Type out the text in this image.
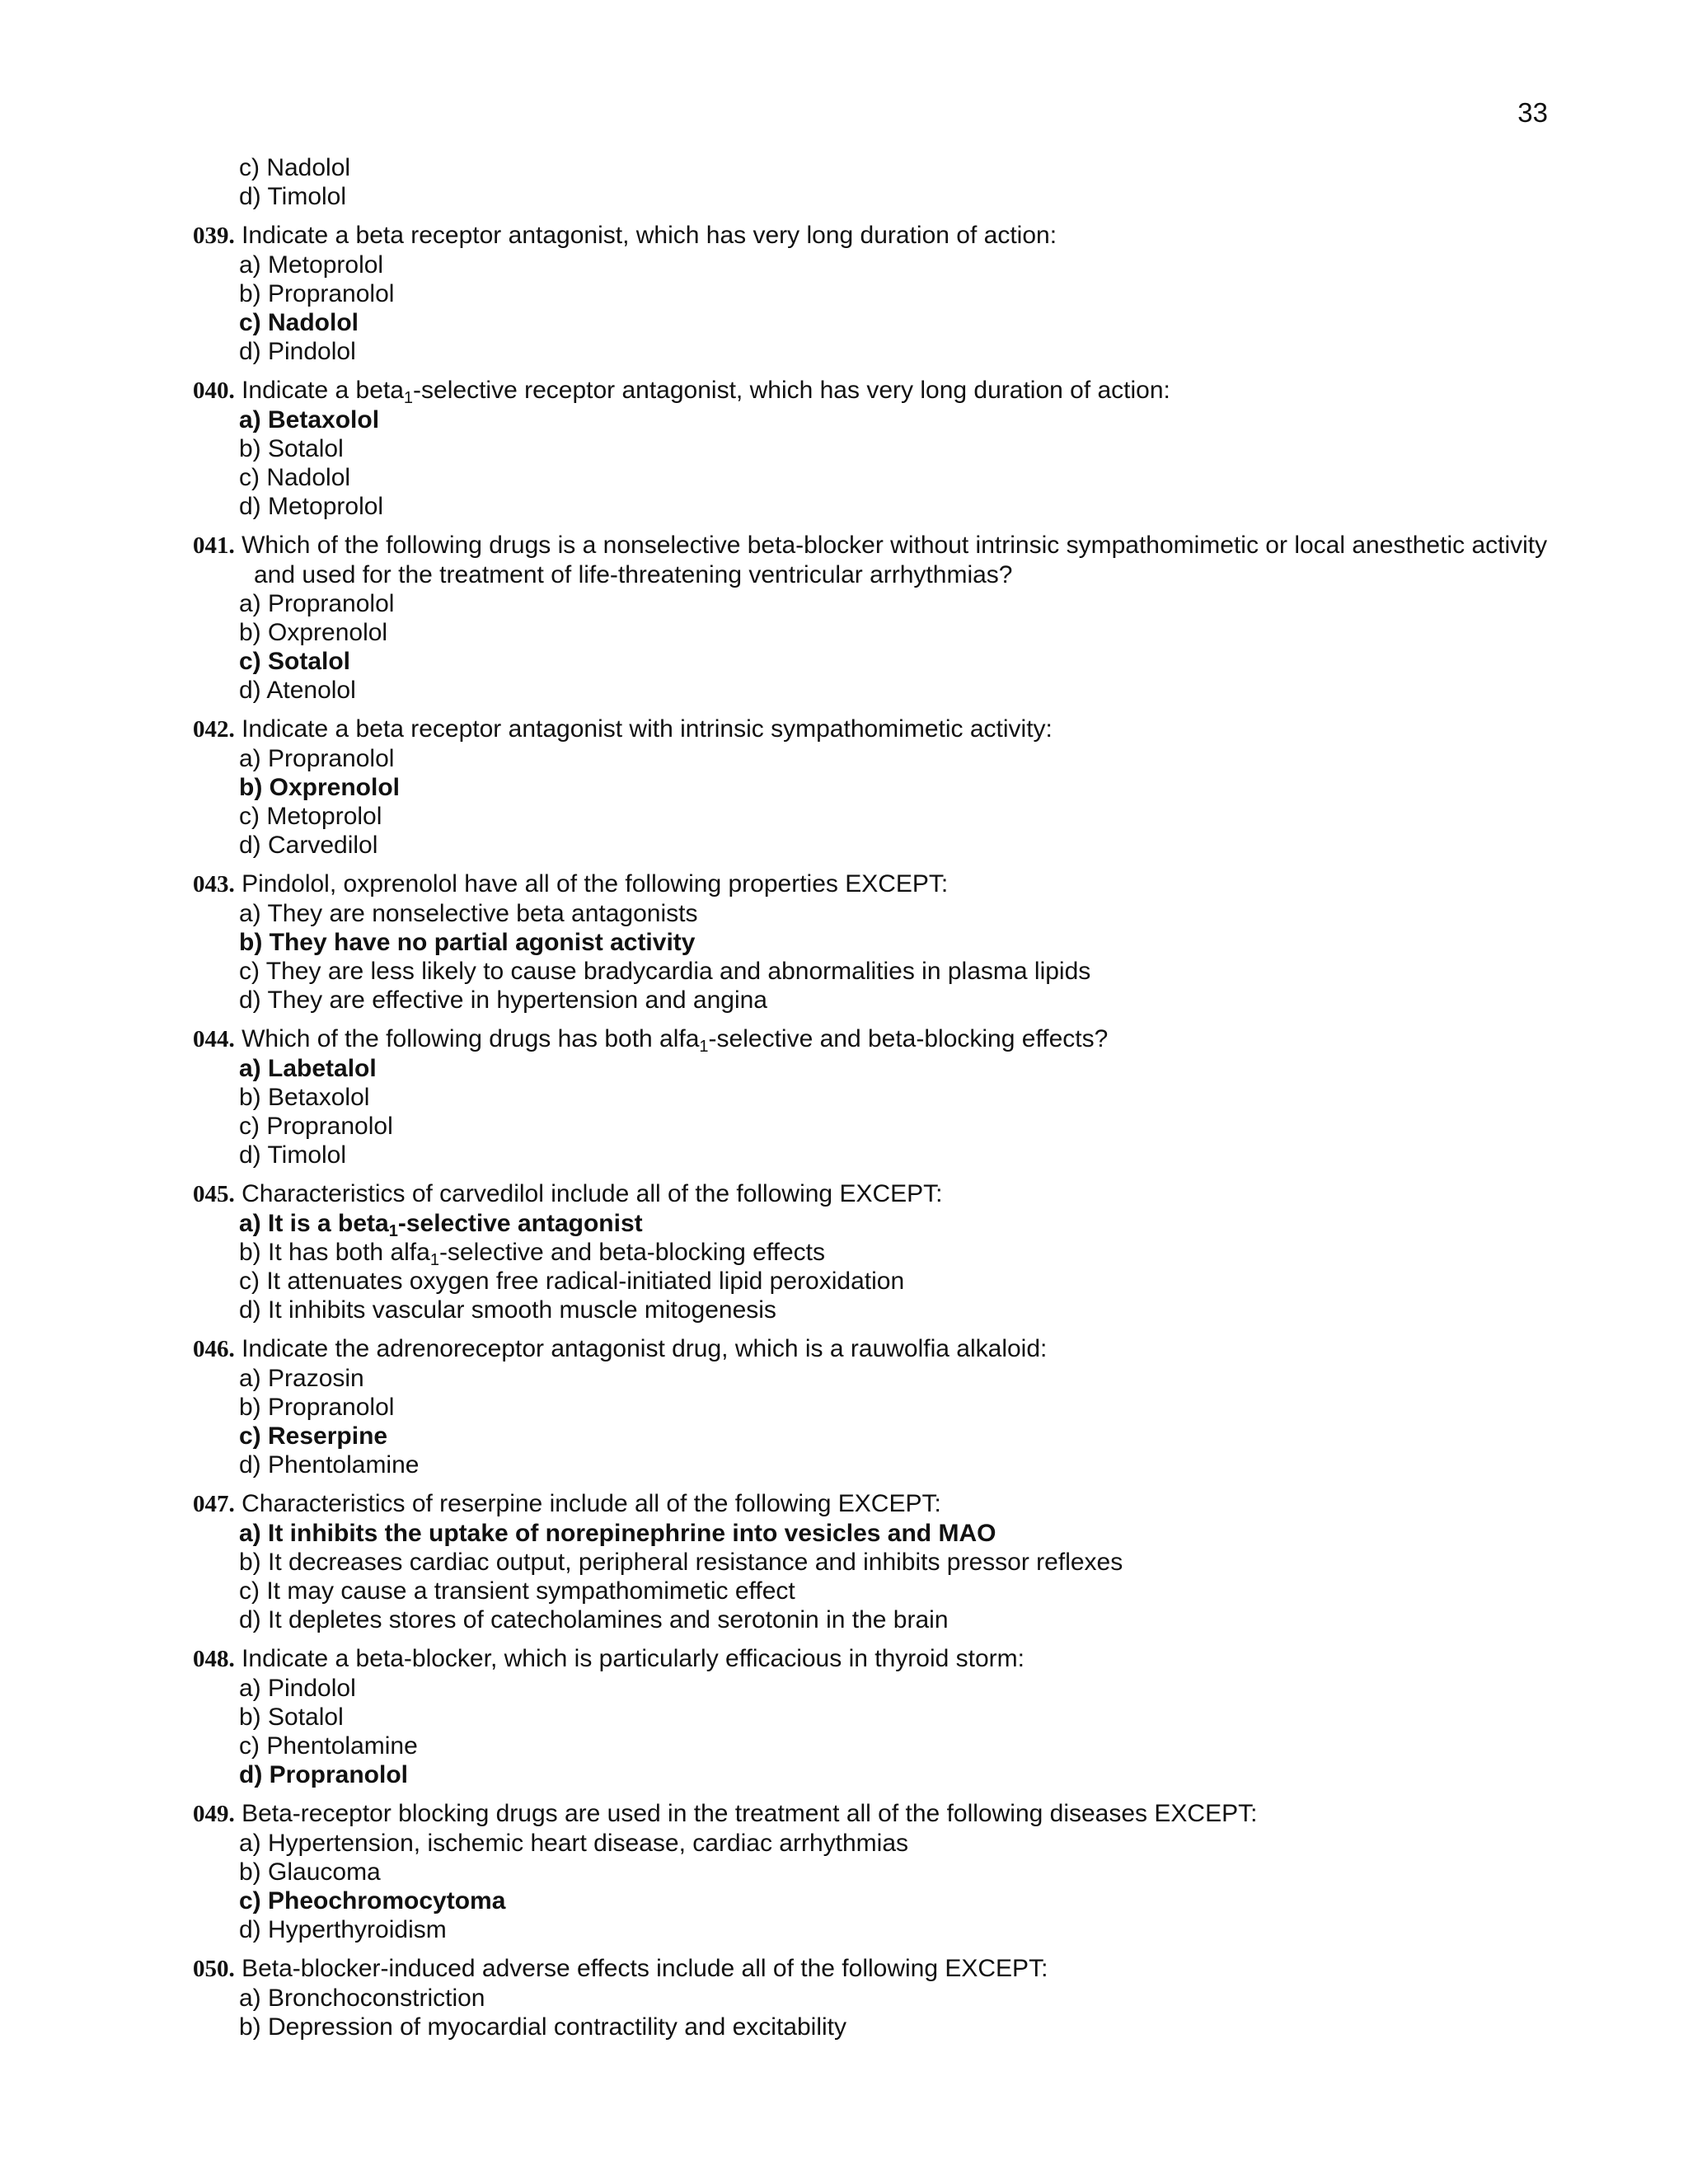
33
c) Nadolol
d) Timolol
039. Indicate a beta receptor antagonist, which has very long duration of action:
a) Metoprolol
b) Propranolol
c) Nadolol
d) Pindolol
040. Indicate a beta$_1$-selective receptor antagonist, which has very long duration of action:
a) Betaxolol
b) Sotalol
c) Nadolol
d) Metoprolol
041. Which of the following drugs is a nonselective beta-blocker without intrinsic sympathomimetic or local anesthetic activity and used for the treatment of life-threatening ventricular arrhythmias?
a) Propranolol
b) Oxprenolol
c) Sotalol
d) Atenolol
042. Indicate a beta receptor antagonist with intrinsic sympathomimetic activity:
a) Propranolol
b) Oxprenolol
c) Metoprolol
d) Carvedilol
043. Pindolol, oxprenolol have all of the following properties EXCEPT:
a) They are nonselective beta antagonists
b) They have no partial agonist activity
c) They are less likely to cause bradycardia and abnormalities in plasma lipids
d) They are effective in hypertension and angina
044. Which of the following drugs has both alfa$_1$-selective and beta-blocking effects?
a) Labetalol
b) Betaxolol
c) Propranolol
d) Timolol
045. Characteristics of carvedilol include all of the following EXCEPT:
a) It is a beta$_1$-selective antagonist
b) It has both alfa$_1$-selective and beta-blocking effects
c) It attenuates oxygen free radical-initiated lipid peroxidation
d) It inhibits vascular smooth muscle mitogenesis
046. Indicate the adrenoreceptor antagonist drug, which is a rauwolfia alkaloid:
a) Prazosin
b) Propranolol
c) Reserpine
d) Phentolamine
047. Characteristics of reserpine include all of the following EXCEPT:
a) It inhibits the uptake of norepinephrine into vesicles and MAO
b) It decreases cardiac output, peripheral resistance and inhibits pressor reflexes
c) It may cause a transient sympathomimetic effect
d) It depletes stores of catecholamines and serotonin in the brain
048. Indicate a beta-blocker, which is particularly efficacious in thyroid storm:
a) Pindolol
b) Sotalol
c) Phentolamine
d) Propranolol
049. Beta-receptor blocking drugs are used in the treatment all of the following diseases EXCEPT:
a) Hypertension, ischemic heart disease, cardiac arrhythmias
b) Glaucoma
c) Pheochromocytoma
d) Hyperthyroidism
050. Beta-blocker-induced adverse effects include all of the following EXCEPT:
a) Bronchoconstriction
b) Depression of myocardial contractility and excitability
